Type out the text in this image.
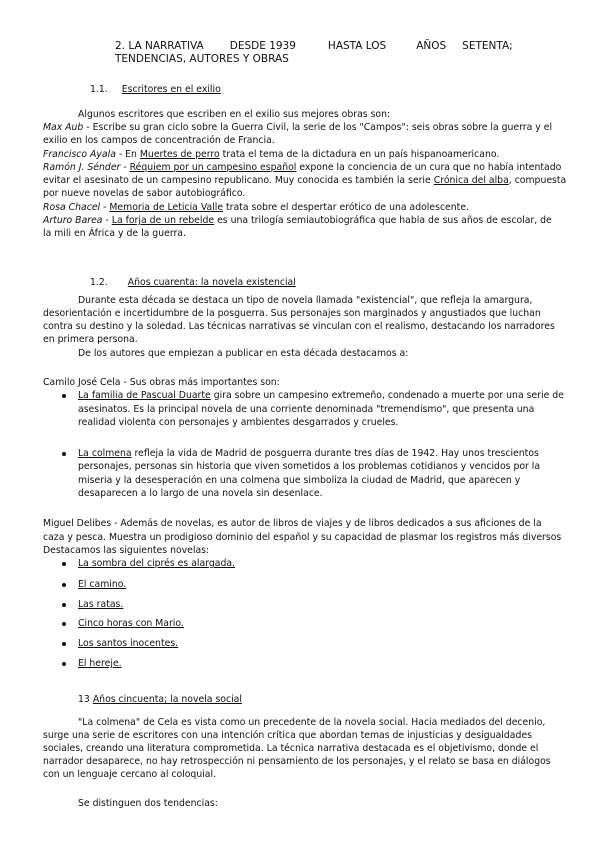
2. LA NARRATIVA DESDE 1939	HASTA LOS	AÑOS SETENTA;
TENDENCIAS, AUTORES Y OBRAS
1.1. Escritores en el exilio
Algunos escritores que escriben en el exilio sus mejores obras son:
Max Aub - Escribe su gran ciclo sobre la Guerra Civil, la serie de los "Campos": seis obras sobre la guerra y el
exilio en los campos de concentración de Francia.
Francisco Ayala - En Muertes de perro trata el tema de la dictadura en un país hispanoamericano.
Ramón J. Sénder - Réquiem por un campesino español expone la conciencia de un cura que no había intentado
evitar el asesinato de un campesino republicano. Muy conocida es también la serie Crónica del alba, compuesta
por nueve novelas de sabor autobiográfico.
Rosa Chacel - Memoria de Leticia Valle trata sobre el despertar erótico de una adolescente.
Arturo Barea - La forja de un rebelde es una trilogía semiautobiográfica que habla de sus años de escolar, de
la mili en África y de la guerra.
1.2. Años cuarenta: la novela existencial
Durante esta década se destaca un tipo de novela llamada "existencial", que refleja la amargura,
desorientación e incertidumbre de la posguerra. Sus personajes son marginados y angustiados que luchan
contra su destino y la soledad. Las técnicas narrativas se vinculan con el realismo, destacando los narradores
en primera persona.
De los autores que empiezan a publicar en esta década destacamos a:
Camilo José Cela - Sus obras más importantes son:
La familia de Pascual Duarte gira sobre un campesino extremeño, condenado a muerte por una serie de
asesinatos. Es la principal novela de una corriente denominada "tremendismo", que presenta una
realidad violenta con personajes y ambientes desgarrados y crueles.
La colmena refleja la vida de Madrid de posguerra durante tres días de 1942. Hay unos trescientos
personajes, personas sin historia que viven sometidos a los problemas cotidianos y vencidos por la
miseria y la desesperación en una colmena que simboliza la ciudad de Madrid, que aparecen y
desaparecen a lo largo de una novela sin desenlace.
Miguel Delibes - Además de novelas, es autor de libros de viajes y de libros dedicados a sus aficiones de la
caza y pesca. Muestra un prodigioso dominio del español y su capacidad de plasmar los registros más diversos
Destacamos las siguientes novelas:
La sombra del ciprés es alargada.
El camino.
Las ratas.
Cinco horas con Mario.
Los santos inocentes.
El hereje.
13 Años cincuenta; la novela social
"La colmena" de Cela es vista como un precedente de la novela social. Hacia mediados del decenio,
surge una serie de escritores con una intención crítica que abordan temas de injusticias y desigualdades
sociales, creando una literatura comprometida. La técnica narrativa destacada es el objetivismo, donde el
narrador desaparece, no hay retrospección ni pensamiento de los personajes, y el relato se basa en diálogos
con un lenguaje cercano al coloquial.
Se distinguen dos tendencias:
